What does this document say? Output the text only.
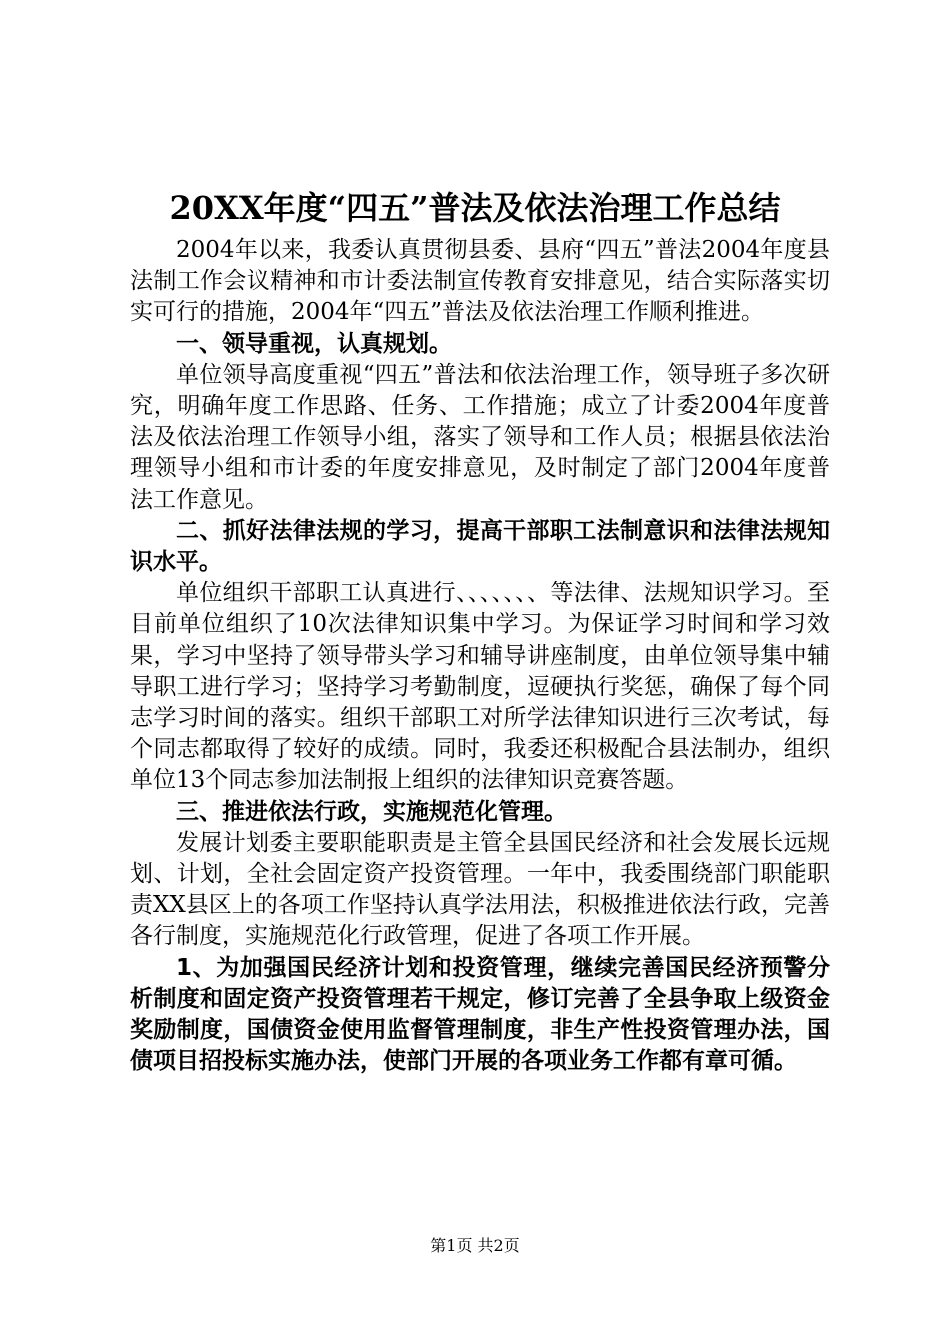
20XX年度“四五”普法及依法治理工作总结

2004年以来，我委认真贯彻县委、县府“四五”普法2004年度县法制工作会议精神和市计委法制宣传教育安排意见，结合实际落实切实可行的措施，2004年“四五”普法及依法治理工作顺利推进。

一、领导重视，认真规划。

单位领导高度重视“四五”普法和依法治理工作，领导班子多次研究，明确年度工作思路、任务、工作措施；成立了计委2004年度普法及依法治理工作领导小组，落实了领导和工作人员；根据县依法治理领导小组和市计委的年度安排意见，及时制定了部门2004年度普法工作意见。

二、抓好法律法规的学习，提高干部职工法制意识和法律法规知识水平。

单位组织干部职工认真进行、、、、、、、等法律、法规知识学习。至目前单位组织了10次法律知识集中学习。为保证学习时间和学习效果，学习中坚持了领导带头学习和辅导讲座制度，由单位领导集中辅导职工进行学习；坚持学习考勤制度，逗硬执行奖惩，确保了每个同志学习时间的落实。组织干部职工对所学法律知识进行三次考试，每个同志都取得了较好的成绩。同时，我委还积极配合县法制办，组织单位13个同志参加法制报上组织的法律知识竞赛答题。

三、推进依法行政，实施规范化管理。

发展计划委主要职能职责是主管全县国民经济和社会发展长远规划、计划，全社会固定资产投资管理。一年中，我委围绕部门职能职责XX县区上的各项工作坚持认真学法用法，积极推进依法行政，完善各行制度，实施规范化行政管理，促进了各项工作开展。

1、为加强国民经济计划和投资管理，继续完善国民经济预警分析制度和固定资产投资管理若干规定，修订完善了全县争取上级资金奖励制度，国债资金使用监督管理制度，非生产性投资管理办法，国债项目招投标实施办法，使部门开展的各项业务工作都有章可循。

第1页 共2页
